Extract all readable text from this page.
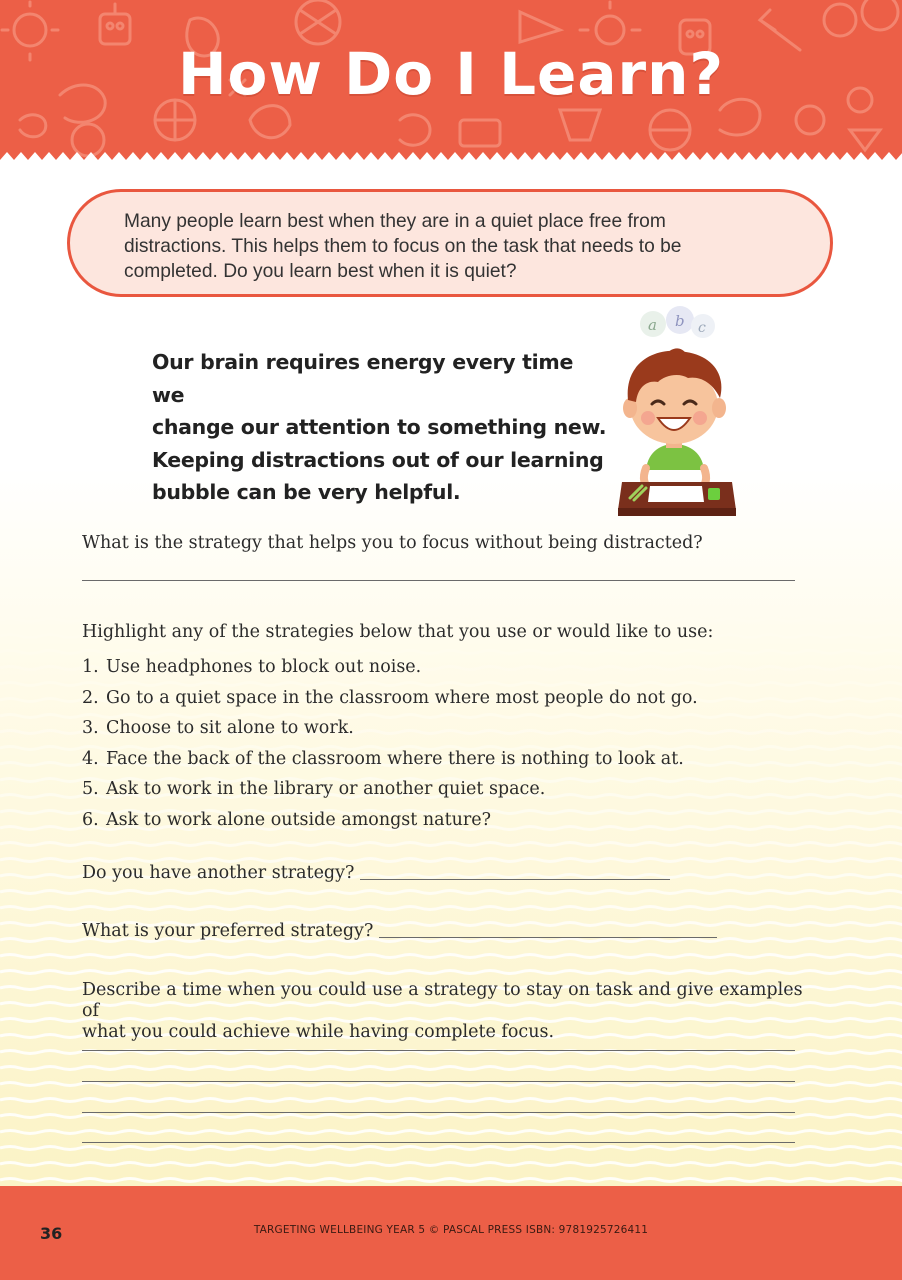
How Do I Learn?
Many people learn best when they are in a quiet place free from
distractions. This helps them to focus on the task that needs to be
completed. Do you learn best when it is quiet?
Our brain requires energy every time we
change our attention to something new.
Keeping distractions out of our learning
bubble can be very helpful.
a b c
What is the strategy that helps you to focus without being distracted?
Highlight any of the strategies below that you use or would like to use:
1. Use headphones to block out noise.
2. Go to a quiet space in the classroom where most people do not go.
3. Choose to sit alone to work.
4. Face the back of the classroom where there is nothing to look at.
5. Ask to work in the library or another quiet space.
6. Ask to work alone outside amongst nature?
Do you have another strategy?
What is your preferred strategy?
Describe a time when you could use a strategy to stay on task and give examples of
what you could achieve while having complete focus.
36	TARGETING WELLBEING YEAR 5 © PASCAL PRESS ISBN: 9781925726411
